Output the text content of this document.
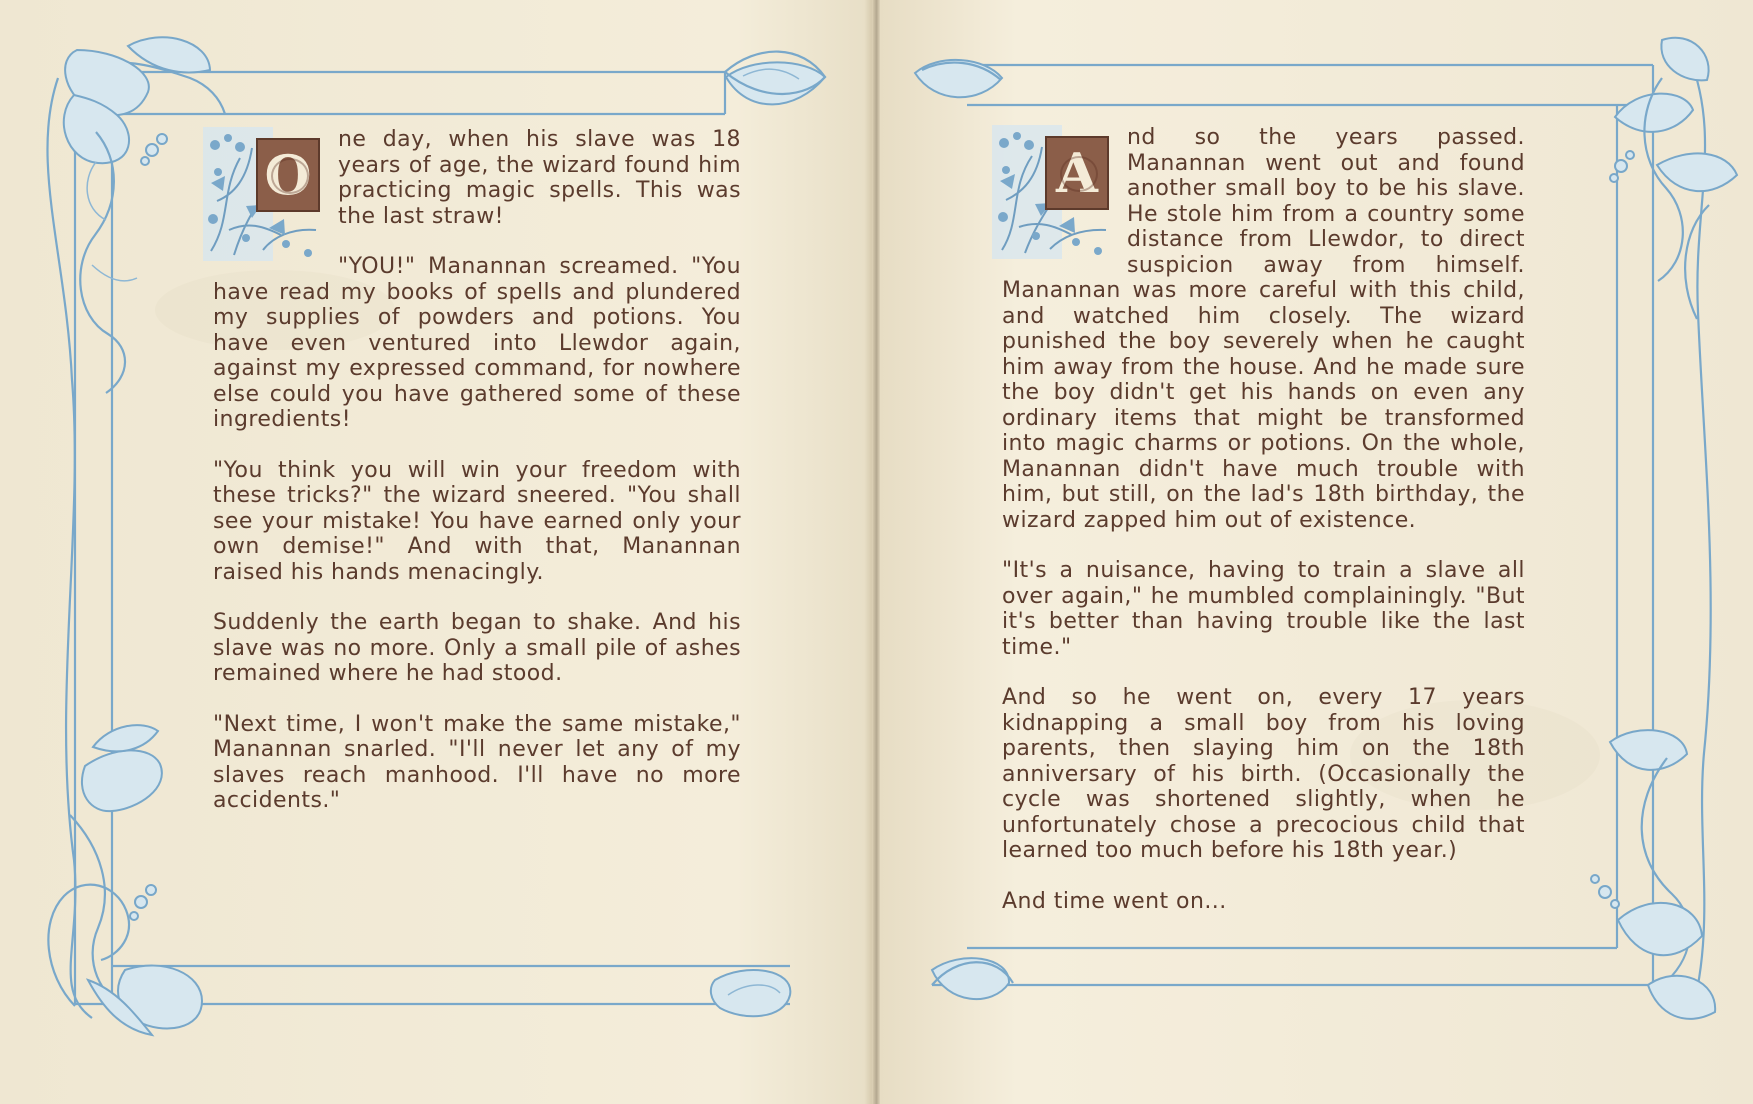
O

ne day, when his slave was 18 years of age, the wizard found him practicing magic spells. This was the last straw!

"YOU!" Manannan screamed. "You have read my books of spells and plundered my supplies of powders and potions. You have even ventured into Llewdor again, against my expressed command, for nowhere else could you have gathered some of these ingredients!

"You think you will win your freedom with these tricks?" the wizard sneered. "You shall see your mistake! You have earned only your own demise!" And with that, Manannan raised his hands menacingly.

Suddenly the earth began to shake. And his slave was no more. Only a small pile of ashes remained where he had stood.

"Next time, I won't make the same mistake," Manannan snarled. "I'll never let any of my slaves reach manhood. I'll have no more accidents."

A

nd so the years passed. Manannan went out and found another small boy to be his slave. He stole him from a country some distance from Llewdor, to direct suspicion away from himself. Manannan was more careful with this child, and watched him closely. The wizard punished the boy severely when he caught him away from the house. And he made sure the boy didn't get his hands on even any ordinary items that might be transformed into magic charms or potions. On the whole, Manannan didn't have much trouble with him, but still, on the lad's 18th birthday, the wizard zapped him out of existence.

"It's a nuisance, having to train a slave all over again," he mumbled complainingly. "But it's better than having trouble like the last time."

And so he went on, every 17 years kidnapping a small boy from his loving parents, then slaying him on the 18th anniversary of his birth. (Occasionally the cycle was shortened slightly, when he unfortunately chose a precocious child that learned too much before his 18th year.)

And time went on...
